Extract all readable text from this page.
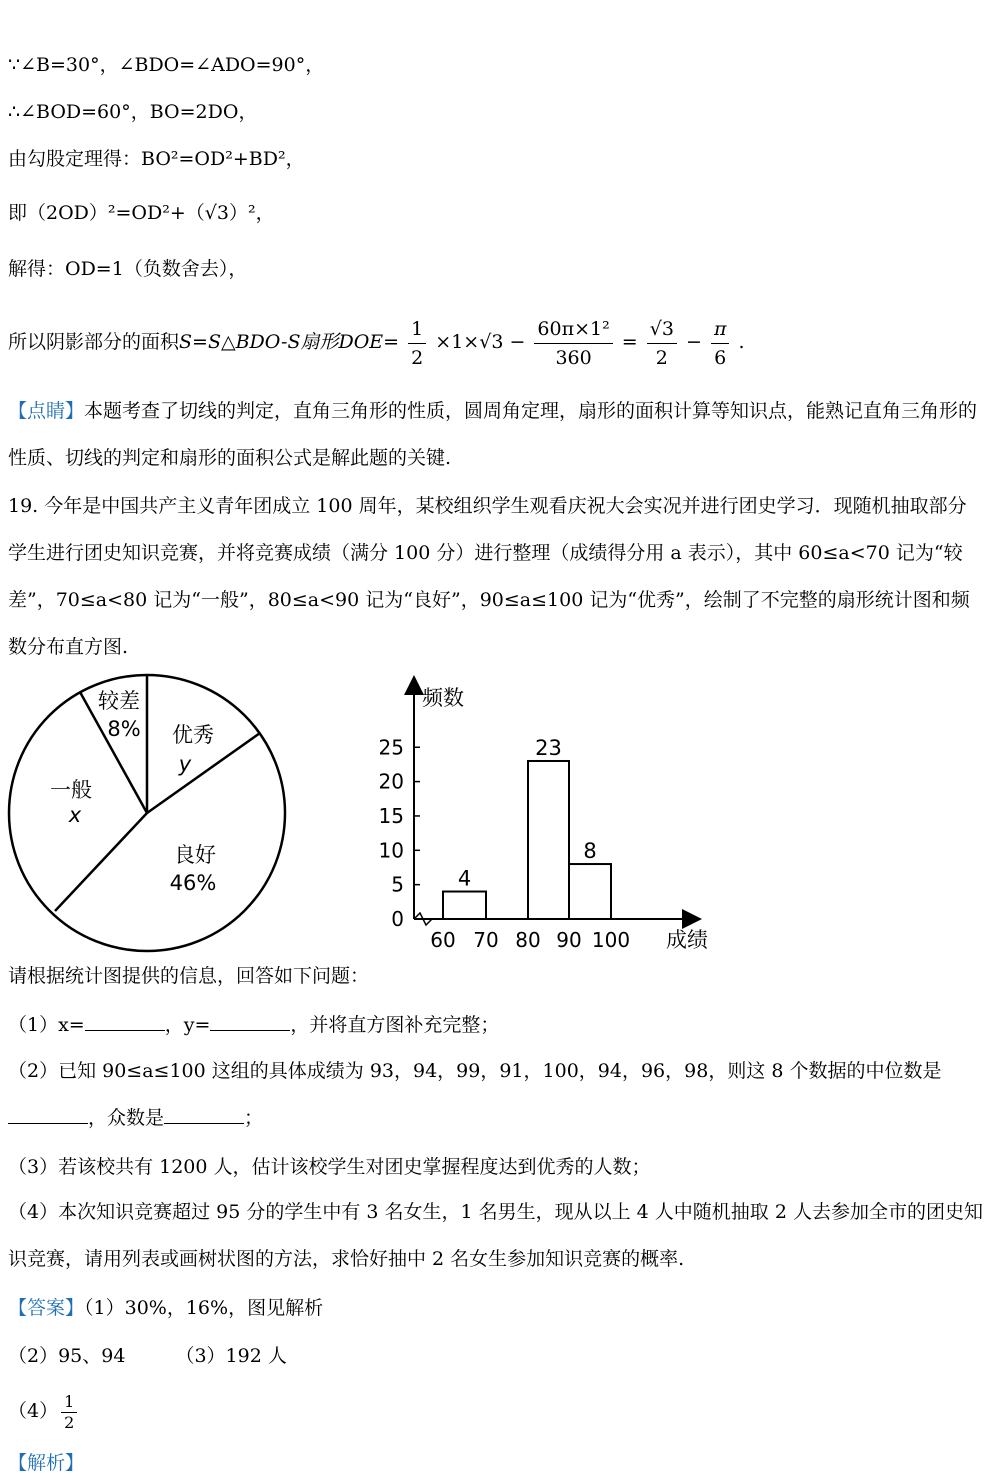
∵∠B=30°，∠BDO=∠ADO=90°，
∴∠BOD=60°，BO=2DO，
由勾股定理得：BO²=OD²+BD²，
即（2OD）²=OD²+（√3）²，
解得：OD=1（负数舍去），
所以阴影部分的面积S=S△BDO-S扇形$DOE= \frac{1}{2} \times 1\times√3 - \frac{\text{60π×1²}}{360} = \frac{√3}{2} - \frac{\pi}{6}$ .
【点睛】本题考查了切线的判定，直角三角形的性质，圆周角定理，扇形的面积计算等知识点，能熟记直角三角形的性质、切线的判定和扇形的面积公式是解此题的关键.
19. 今年是中国共产主义青年团成立 100 周年，某校组织学生观看庆祝大会实况并进行团史学习．现随机抽取部分学生进行团史知识竞赛，并将竞赛成绩（满分 100 分）进行整理（成绩得分用 a 表示），其中 60≤a<70 记为“较差”，70≤a<80 记为“一般”，80≤a<90 记为“良好”，90≤a≤100 记为“优秀”，绘制了不完整的扇形统计图和频数分布直方图.
较差
8% 优秀
y
一般
x
良好
46%
频数
成绩
0
5
10
15
20
25
60 70 80 90 100
4
23
8
请根据统计图提供的信息，回答如下问题：
（1）x=	，y=	，并将直方图补充完整；
（2）已知 90≤a≤100 这组的具体成绩为 93，94，99，91，100，94，96，98，则这 8 个数据的中位数是
，众数是	；
（3）若该校共有 1200 人，估计该校学生对团史掌握程度达到优秀的人数；
（4）本次知识竞赛超过 95 分的学生中有 3 名女生，1 名男生，现从以上 4 人中随机抽取 2 人去参加全市的团史知识竞赛，请用列表或画树状图的方法，求恰好抽中 2 名女生参加知识竞赛的概率.
【答案】（1）30%，16%，图见解析
（2）95、94	（3）192 人
$(4) \frac{1}{2}$
【解析】
